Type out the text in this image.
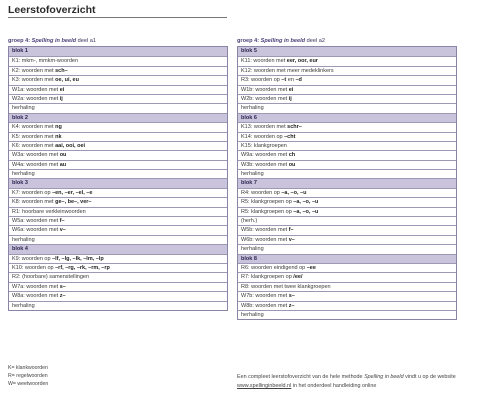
Leerstofoverzicht
groep 4: Spelling in beeld deel a1
blok 1
K1: mkm-, mmkm-woorden
K2: woorden met sch–
K3: woorden met oe, ui, eu
W1a: woorden met ei
W2a: woorden met ij
herhaling
blok 2
K4: woorden met ng
K5: woorden met nk
K6: woorden met aai, ooi, oei
W3a: woorden met ou
W4a: woorden met au
herhaling
blok 3
K7: woorden op –en, –er, –el, –e
K8: woorden met ge–, be–, ver–
R1: hoorbare verkleinwoorden
W5a: woorden met f–
W6a: woorden met v–
herhaling
blok 4
K9: woorden op –lf, –lg, –lk, –lm, –lp
K10: woorden op –rf, –rg, –rk, –rm, –rp
R2: (hoorbare) samenstellingen
W7a: woorden met s–
W8a: woorden met z–
herhaling
groep 4: Spelling in beeld deel a2
blok 5
K11: woorden met eer, oor, eur
K12: woorden met meer medeklinkers
R3: woorden op –t en –d
W1b: woorden met ei
W2b: woorden met ij
herhaling
blok 6
K13: woorden met schr–
K14: woorden op –cht
K15: klankgroepen
W9a: woorden met ch
W3b: woorden met ou
herhaling
blok 7
R4: woorden op –a, –o, –u
R5: klankgroepen op –a, –o, –u
R5: klankgroepen op –a, –o, –u
(herh.)
W5b: woorden met f–
W6b: woorden met v–
herhaling
blok 8
R6: woorden eindigend op –ee
R7: klankgroepen op /ee/
R8: woorden met twee klankgroepen
W7b: woorden met s–
W8b: woorden met z–
herhaling
K= klankwoorden
R= regelwoorden
W= weetwoorden
Een compleet leerstofoverzicht van de hele methode Spelling in beeld vindt u op de website www.spellinginbeeld.nl in het onderdeel handleiding online
